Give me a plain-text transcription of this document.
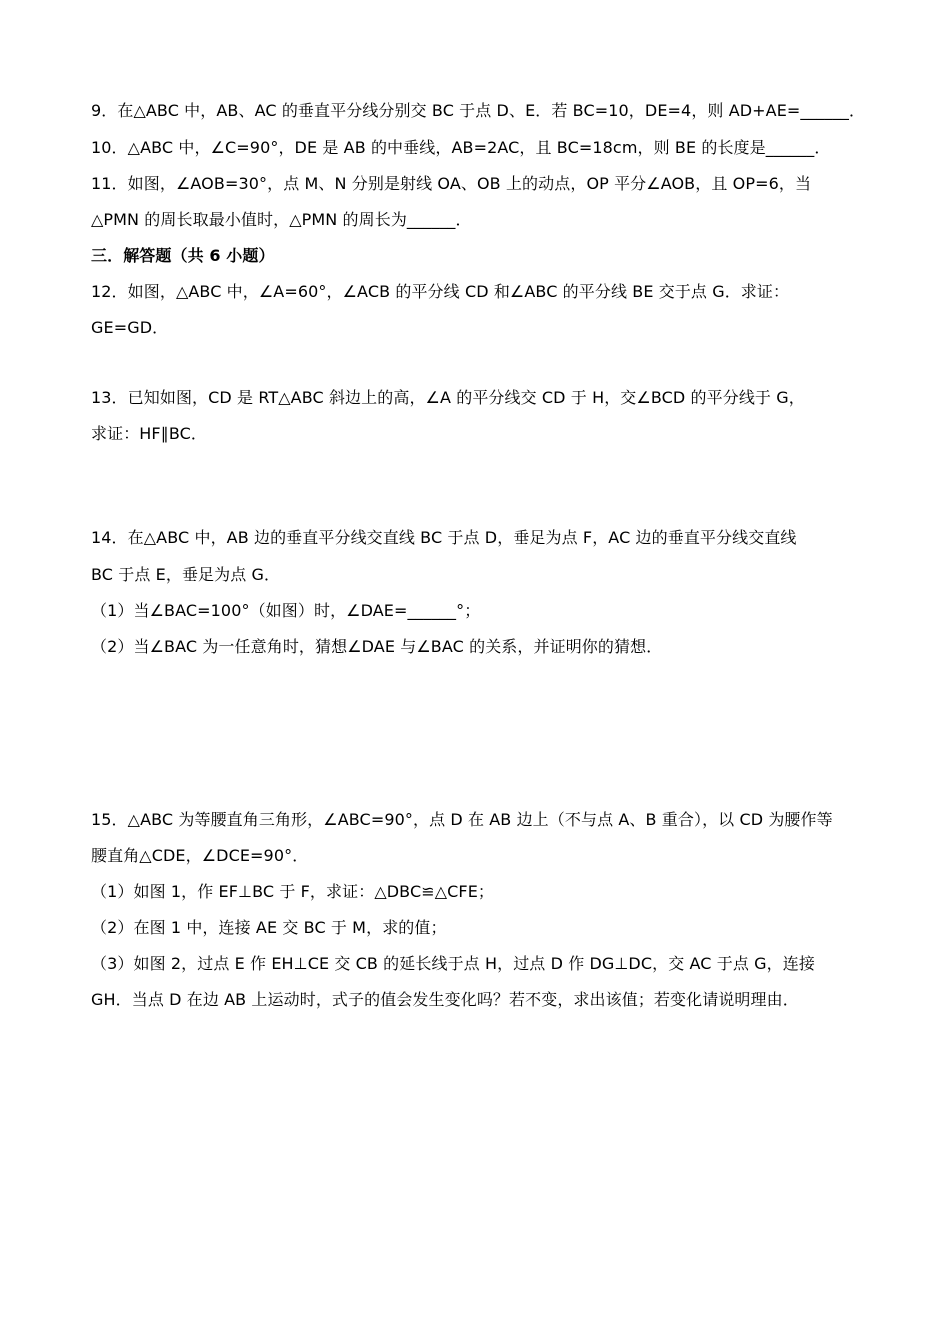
9．在△ABC 中，AB、AC 的垂直平分线分别交 BC 于点 D、E．若 BC=10，DE=4，则 AD+AE=______．
10．△ABC 中，∠C=90°，DE 是 AB 的中垂线，AB=2AC，且 BC=18cm，则 BE 的长度是______．
11．如图，∠AOB=30°，点 M、N 分别是射线 OA、OB 上的动点，OP 平分∠AOB，且 OP=6，当
△PMN 的周长取最小值时，△PMN 的周长为______．
三．解答题（共 6 小题）
12．如图，△ABC 中，∠A=60°，∠ACB 的平分线 CD 和∠ABC 的平分线 BE 交于点 G．求证：
GE=GD．
13．已知如图，CD 是 RT△ABC 斜边上的高，∠A 的平分线交 CD 于 H，交∠BCD 的平分线于 G，
求证：HF∥BC．
14．在△ABC 中，AB 边的垂直平分线交直线 BC 于点 D，垂足为点 F，AC 边的垂直平分线交直线
BC 于点 E，垂足为点 G．
（1）当∠BAC=100°（如图）时，∠DAE=______°；
（2）当∠BAC 为一任意角时，猜想∠DAE 与∠BAC 的关系，并证明你的猜想．
15．△ABC 为等腰直角三角形，∠ABC=90°，点 D 在 AB 边上（不与点 A、B 重合），以 CD 为腰作等
腰直角△CDE，∠DCE=90°．
（1）如图 1，作 EF⊥BC 于 F，求证：△DBC≌△CFE；
（2）在图 1 中，连接 AE 交 BC 于 M，求的值；
（3）如图 2，过点 E 作 EH⊥CE 交 CB 的延长线于点 H，过点 D 作 DG⊥DC，交 AC 于点 G，连接
GH．当点 D 在边 AB 上运动时，式子的值会发生变化吗？若不变，求出该值；若变化请说明理由．
